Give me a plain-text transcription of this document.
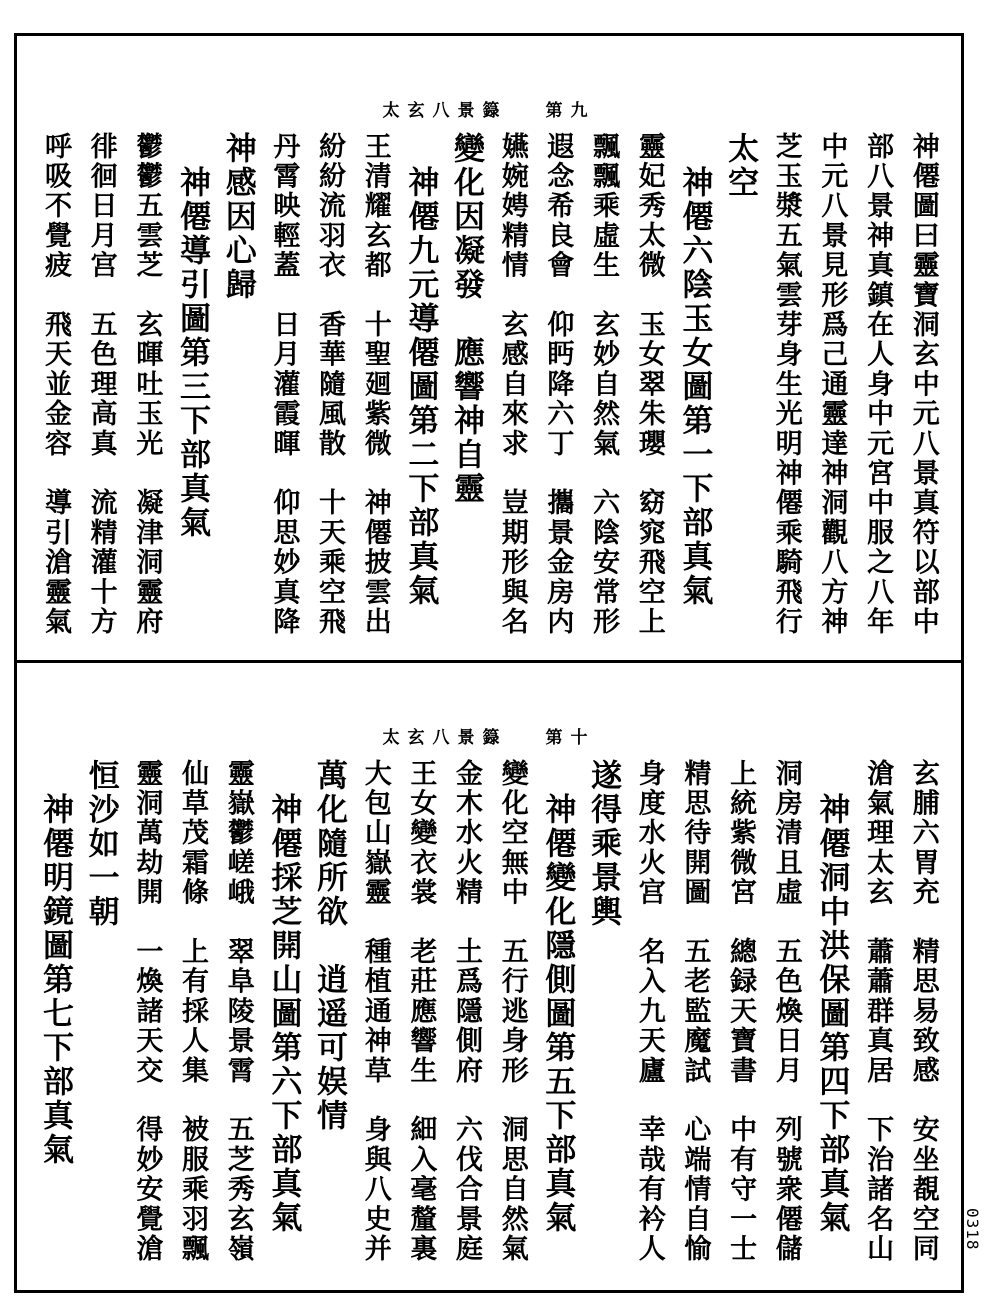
太玄八景籙 第九
神僊圖曰靈寶洞玄中元八景真符以部中
部八景神真鎮在人身中元宮中服之八年
中元八景見形爲己通靈達神洞觀八方神
芝玉漿五氣雲芽身生光明神僊乘騎飛行
太空
　神僊六陰玉女圖第一下部真氣
靈妃秀太微　玉女翠朱瓔　窈窕飛空上
飄飄乘虛生　玄妙自然氣　六陰安常形
遐念希良會　仰眄降六丁　攜景金房内
嬿婉娉精情　玄感自來求　豈期形與名
變化因凝發　應響神自靈
　神僊九元導僊圖第二下部真氣
王清耀玄都　十聖廻紫微　神僊披雲出
紛紛流羽衣　香華隨風散　十天乘空飛
丹霄映輕蓋　日月灌霞暉　仰思妙真降
神感因心歸
　神僊導引圖第三下部真氣
鬱鬱五雲芝　玄暉吐玉光　凝津洞靈府
徘徊日月宫　五色理高真　流精灌十方
呼吸不覺疲　飛天並金容　導引滄靈氣
太玄八景籙 第十
玄脯六胃充　精思易致感　安坐覩空同
滄氣理太玄　蕭蕭群真居　下治諸名山
　神僊洞中洪保圖第四下部真氣
洞房清且虛　五色煥日月　列號衆僊儲
上統紫微宮　總録天寶書　中有守一士
精思待開圖　五老監魔試　心端情自愉
身度水火宫　名入九天廬　幸哉有衿人
遂得乘景輿
　神僊變化隱側圖第五下部真氣
變化空無中　五行逃身形　洞思自然氣
金木水火精　土爲隱側府　六伐合景庭
王女變衣裳　老莊應響生　細入毫釐裏
大包山嶽靈　種植通神草　身與八史并
萬化隨所欲　逍遥可娱情
　神僊採芝開山圖第六下部真氣
靈嶽鬱嵯峨　翠阜陵景霄　五芝秀玄嶺
仙草茂霜條　上有採人集　被服乘羽飄
靈洞萬劫開　一煥諸天交　得妙安覺滄
恒沙如一朝
　神僊明鏡圖第七下部真氣
0318
